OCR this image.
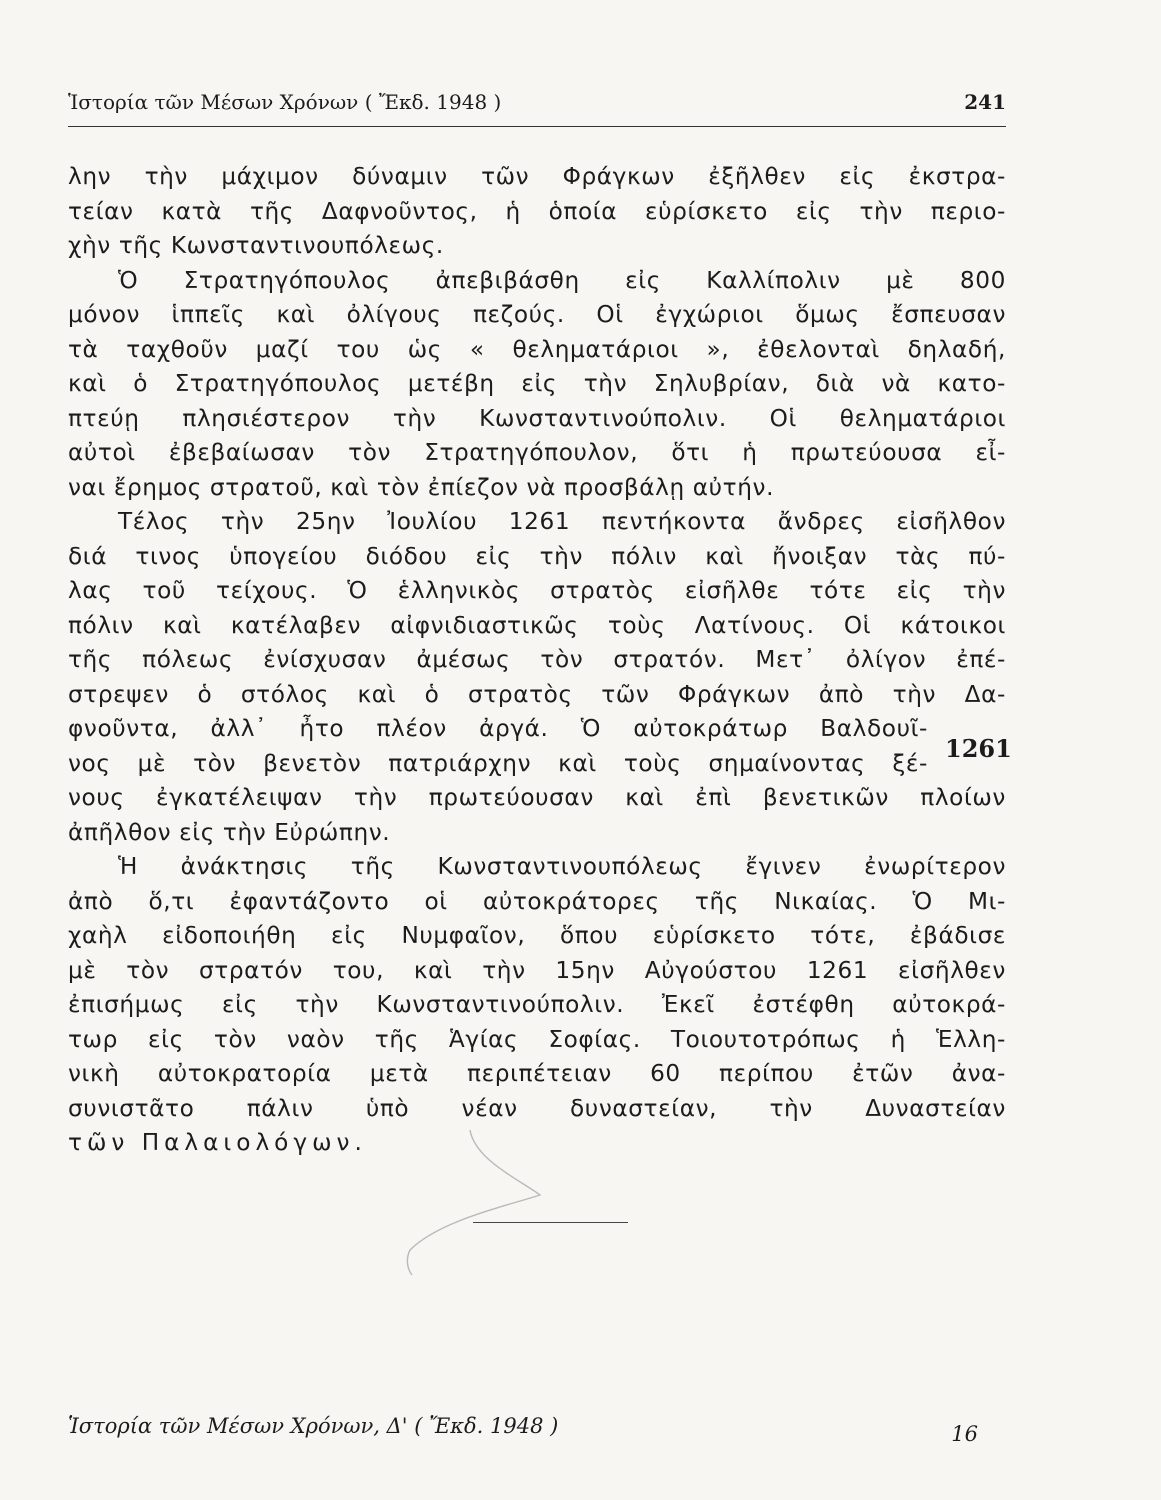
Ἱστορία τῶν Μέσων Χρόνων ( Ἔκδ. 1948 )	241
λην τὴν μάχιμον δύναμιν τῶν Φράγκων ἐξῆλθεν εἰς ἐκστρα-
τείαν κατὰ τῆς Δαφνοῦντος, ἡ ὁποία εὑρίσκετο εἰς τὴν περιο-
χὴν τῆς Κωνσταντινουπόλεως.
Ὁ Στρατηγόπουλος ἀπεβιβάσθη εἰς Καλλίπολιν μὲ 800
μόνον ἱππεῖς καὶ ὀλίγους πεζούς. Οἱ ἐγχώριοι ὅμως ἔσπευσαν
τὰ ταχθοῦν μαζί του ὡς « θεληματάριοι », ἐθελονταὶ δηλαδή,
καὶ ὁ Στρατηγόπουλος μετέβη εἰς τὴν Σηλυβρίαν, διὰ νὰ κατο-
πτεύῃ πλησιέστερον τὴν Κωνσταντινούπολιν. Οἱ θεληματάριοι
αὐτοὶ ἐβεβαίωσαν τὸν Στρατηγόπουλον, ὅτι ἡ πρωτεύουσα εἶ-
ναι ἔρημος στρατοῦ, καὶ τὸν ἐπίεζον νὰ προσβάλῃ αὐτήν.
Τέλος τὴν 25ην Ἰουλίου 1261 πεντήκοντα ἄνδρες εἰσῆλθον
διά τινος ὑπογείου διόδου εἰς τὴν πόλιν καὶ ἤνοιξαν τὰς πύ-
λας τοῦ τείχους. Ὁ ἑλληνικὸς στρατὸς εἰσῆλθε τότε εἰς τὴν
πόλιν καὶ κατέλαβεν αἰφνιδιαστικῶς τοὺς Λατίνους. Οἱ κάτοικοι
τῆς πόλεως ἐνίσχυσαν ἀμέσως τὸν στρατόν. Μετ᾽ ὀλίγον ἐπέ-
στρεψεν ὁ στόλος καὶ ὁ στρατὸς τῶν Φράγκων ἀπὸ τὴν Δα-
φνοῦντα, ἀλλ᾽ ἦτο πλέον ἀργά. Ὁ αὐτοκράτωρ Βαλδουῖ-
νος μὲ τὸν βενετὸν πατριάρχην καὶ τοὺς σημαίνοντας ξέ-
νους ἐγκατέλειψαν τὴν πρωτεύουσαν καὶ ἐπὶ βενετικῶν πλοίων
ἀπῆλθον εἰς τὴν Εὐρώπην.
Ἡ ἀνάκτησις τῆς Κωνσταντινουπόλεως ἔγινεν ἐνωρίτερον
ἀπὸ ὅ,τι ἐφαντάζοντο οἱ αὐτοκράτορες τῆς Νικαίας. Ὁ Μι-
χαὴλ εἰδοποιήθη εἰς Νυμφαῖον, ὅπου εὑρίσκετο τότε, ἐβάδισε
μὲ τὸν στρατόν του, καὶ τὴν 15ην Αὐγούστου 1261 εἰσῆλθεν
ἐπισήμως εἰς τὴν Κωνσταντινούπολιν. Ἐκεῖ ἐστέφθη αὐτοκρά-
τωρ εἰς τὸν ναὸν τῆς Ἁγίας Σοφίας. Τοιουτοτρόπως ἡ Ἑλλη-
νικὴ αὐτοκρατορία μετὰ περιπέτειαν 60 περίπου ἐτῶν ἀνα-
συνιστᾶτο πάλιν ὑπὸ νέαν δυναστείαν, τὴν Δυναστείαν
τῶν Παλαιολόγων.
1261
Ἱστορία τῶν Μέσων Χρόνων, Δ' ( Ἔκδ. 1948 )	16
